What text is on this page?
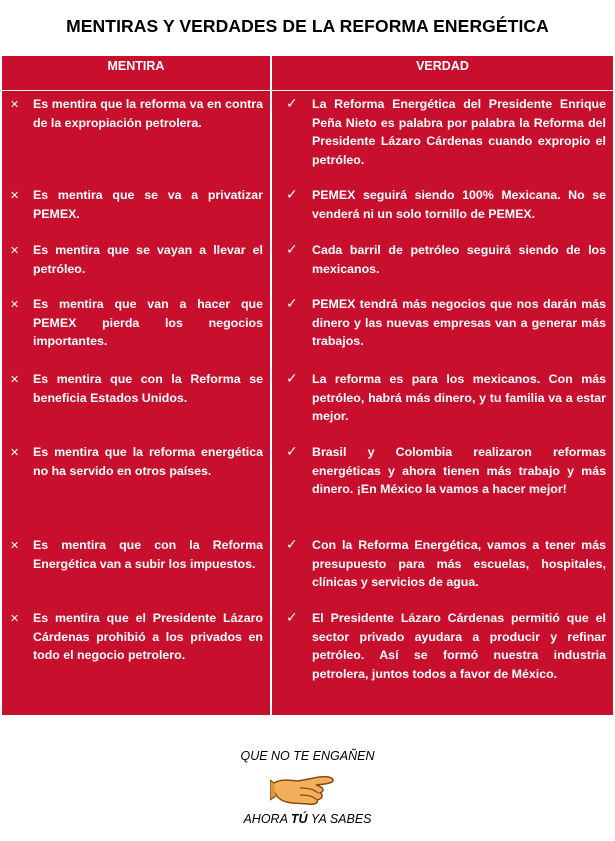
MENTIRAS Y VERDADES DE LA REFORMA ENERGÉTICA
MENTIRA	VERDAD
✕ Es mentira que la reforma va en contra de la expropiación petrolera.
✓ La Reforma Energética del Presidente Enrique Peña Nieto es palabra por palabra la Reforma del Presidente Lázaro Cárdenas cuando expropio el petróleo.
✕ Es mentira que se va a privatizar PEMEX.
✓ PEMEX seguirá siendo 100% Mexicana. No se venderá ni un solo tornillo de PEMEX.
✕ Es mentira que se vayan a llevar el petróleo.
✓ Cada barril de petróleo seguirá siendo de los mexicanos.
✕ Es mentira que van a hacer que PEMEX pierda los negocios importantes.
✓ PEMEX tendrá más negocios que nos darán más dinero y las nuevas empresas van a generar más trabajos.
✕ Es mentira que con la Reforma se beneficia Estados Unidos.
✓ La reforma es para los mexicanos. Con más petróleo, habrá más dinero, y tu familia va a estar mejor.
✕ Es mentira que la reforma energética no ha servido en otros países.
✓ Brasil y Colombia realizaron reformas energéticas y ahora tienen más trabajo y más dinero. ¡En México la vamos a hacer mejor!
✕ Es mentira que con la Reforma Energética van a subir los impuestos.
✓ Con la Reforma Energética, vamos a tener más presupuesto para más escuelas, hospitales, clínicas y servicios de agua.
✕ Es mentira que el Presidente Lázaro Cárdenas prohibió a los privados en todo el negocio petrolero.
✓ El Presidente Lázaro Cárdenas permitió que el sector privado ayudara a producir y refinar petróleo. Así se formó nuestra industria petrolera, juntos todos a favor de México.
QUE NO TE ENGAÑEN
AHORA TÚ YA SABES
